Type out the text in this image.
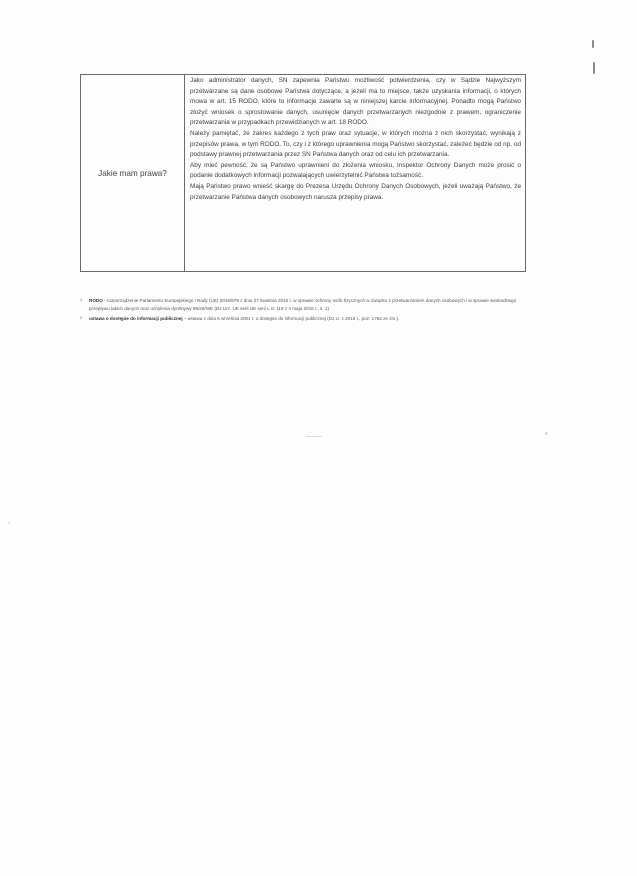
Jakie mam prawa?

Jako administrator danych, SN zapewnia Państwu możliwość potwierdzenia, czy w Sądzie Najwyższym przetwarzane są dane osobowe Państwa dotyczące, a jeżeli ma to miejsce, także uzyskania informacji, o których mowa w art. 15 RODO, które to informacje zawarte są w niniejszej karcie informacyjnej. Ponadto mogą Państwo złożyć wniosek o sprostowanie danych, usunięcie danych przetwarzanych niezgodnie z prawem, ograniczenie przetwarzania w przypadkach przewidzianych w art. 18 RODO.

Należy pamiętać, że zakres każdego z tych praw oraz sytuacje, w których można z nich skorzystać, wynikają z przepisów prawa, w tym RODO. To, czy i z którego uprawnienia mogą Państwo skorzystać, zależeć będzie od np. od podstawy prawnej przetwarzania przez SN Państwa danych oraz od celu ich przetwarzania.

Aby mieć pewność, że są Państwo uprawnieni do złożenia wniosku, Inspektor Ochrony Danych może prosić o podanie dodatkowych informacji pozwalających uwierzytelnić Państwa tożsamość.

Mają Państwo prawo wnieść skargę do Prezesa Urzędu Ochrony Danych Osobowych, jeżeli uważają Państwo, że przetwarzanie Państwa danych osobowych narusza przepisy prawa.

1	RODO - rozporządzenie Parlamentu Europejskiego i Rady (UE) 2016/679 z dnia 27 kwietnia 2016 r. w sprawie ochrony osób fizycznych w związku z przetwarzaniem danych osobowych i w sprawie swobodnego przepływu takich danych oraz uchylenia dyrektywy 95/46/WE (Dz.Urz. UE serii UE serii L nr 119 z 4 maja 2016 r., s. 1)
2	ustawa o dostępie do informacji publicznej – ustawa z dnia 6 września 2001 r. o dostępie do informacji publicznej (Dz.U. z 2016 r., poz. 1764 ze zm.).
